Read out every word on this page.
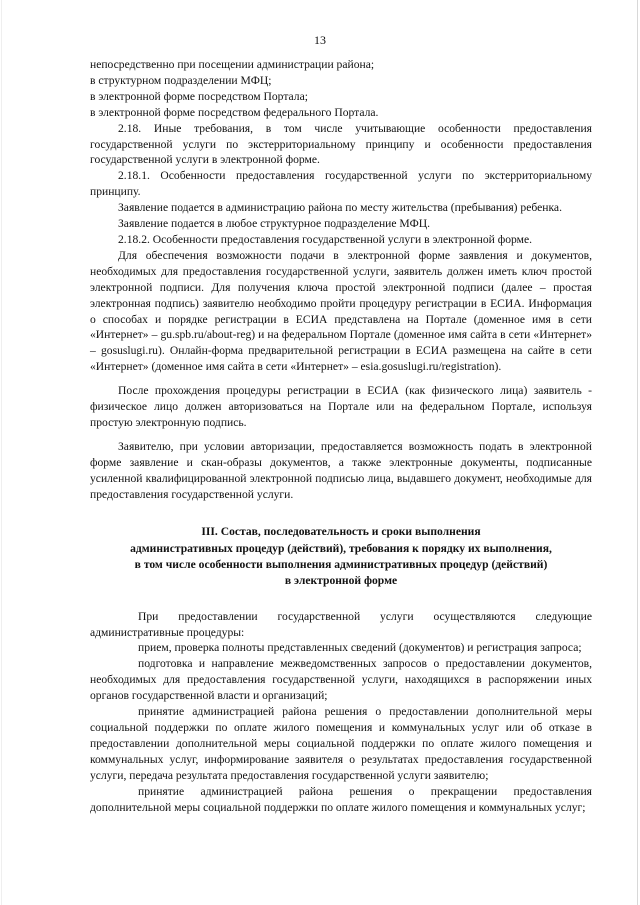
13

непосредственно при посещении администрации района;

в структурном подразделении МФЦ;

в электронной форме посредством Портала;

в электронной форме посредством федерального Портала.

2.18. Иные требования, в том числе учитывающие особенности предоставления государственной услуги по экстерриториальному принципу и особенности предоставления государственной услуги в электронной форме.

2.18.1. Особенности предоставления государственной услуги по экстерриториальному принципу.

Заявление подается в администрацию района по месту жительства (пребывания) ребенка.

Заявление подается в любое структурное подразделение МФЦ.

2.18.2. Особенности предоставления государственной услуги в электронной форме.

Для обеспечения возможности подачи в электронной форме заявления и документов, необходимых для предоставления государственной услуги, заявитель должен иметь ключ простой электронной подписи. Для получения ключа простой электронной подписи (далее – простая электронная подпись) заявителю необходимо пройти процедуру регистрации в ЕСИА. Информация о способах и порядке регистрации в ЕСИА представлена на Портале (доменное имя в сети «Интернет» – gu.spb.ru/about-reg) и на федеральном Портале (доменное имя сайта в сети «Интернет» – gosuslugi.ru). Онлайн-форма предварительной регистрации в ЕСИА размещена на сайте в сети «Интернет» (доменное имя сайта в сети «Интернет» – esia.gosuslugi.ru/registration).

После прохождения процедуры регистрации в ЕСИА (как физического лица) заявитель - физическое лицо должен авторизоваться на Портале или на федеральном Портале, используя простую электронную подпись.

Заявителю, при условии авторизации, предоставляется возможность подать в электронной форме заявление и скан-образы документов, а также электронные документы, подписанные усиленной квалифицированной электронной подписью лица, выдавшего документ, необходимые для предоставления государственной услуги.

III. Состав, последовательность и сроки выполнения

административных процедур (действий), требования к порядку их выполнения,

в том числе особенности выполнения административных процедур (действий)

в электронной форме

При предоставлении государственной услуги осуществляются следующие административные процедуры:

прием, проверка полноты представленных сведений (документов) и регистрация запроса;

подготовка и направление межведомственных запросов о предоставлении документов, необходимых для предоставления государственной услуги, находящихся в распоряжении иных органов государственной власти и организаций;

принятие администрацией района решения о предоставлении дополнительной меры социальной поддержки по оплате жилого помещения и коммунальных услуг или об отказе в предоставлении дополнительной меры социальной поддержки по оплате жилого помещения и коммунальных услуг, информирование заявителя о результатах предоставления государственной услуги, передача результата предоставления государственной услуги заявителю;

принятие администрацией района решения о прекращении предоставления дополнительной меры социальной поддержки по оплате жилого помещения и коммунальных услуг;
